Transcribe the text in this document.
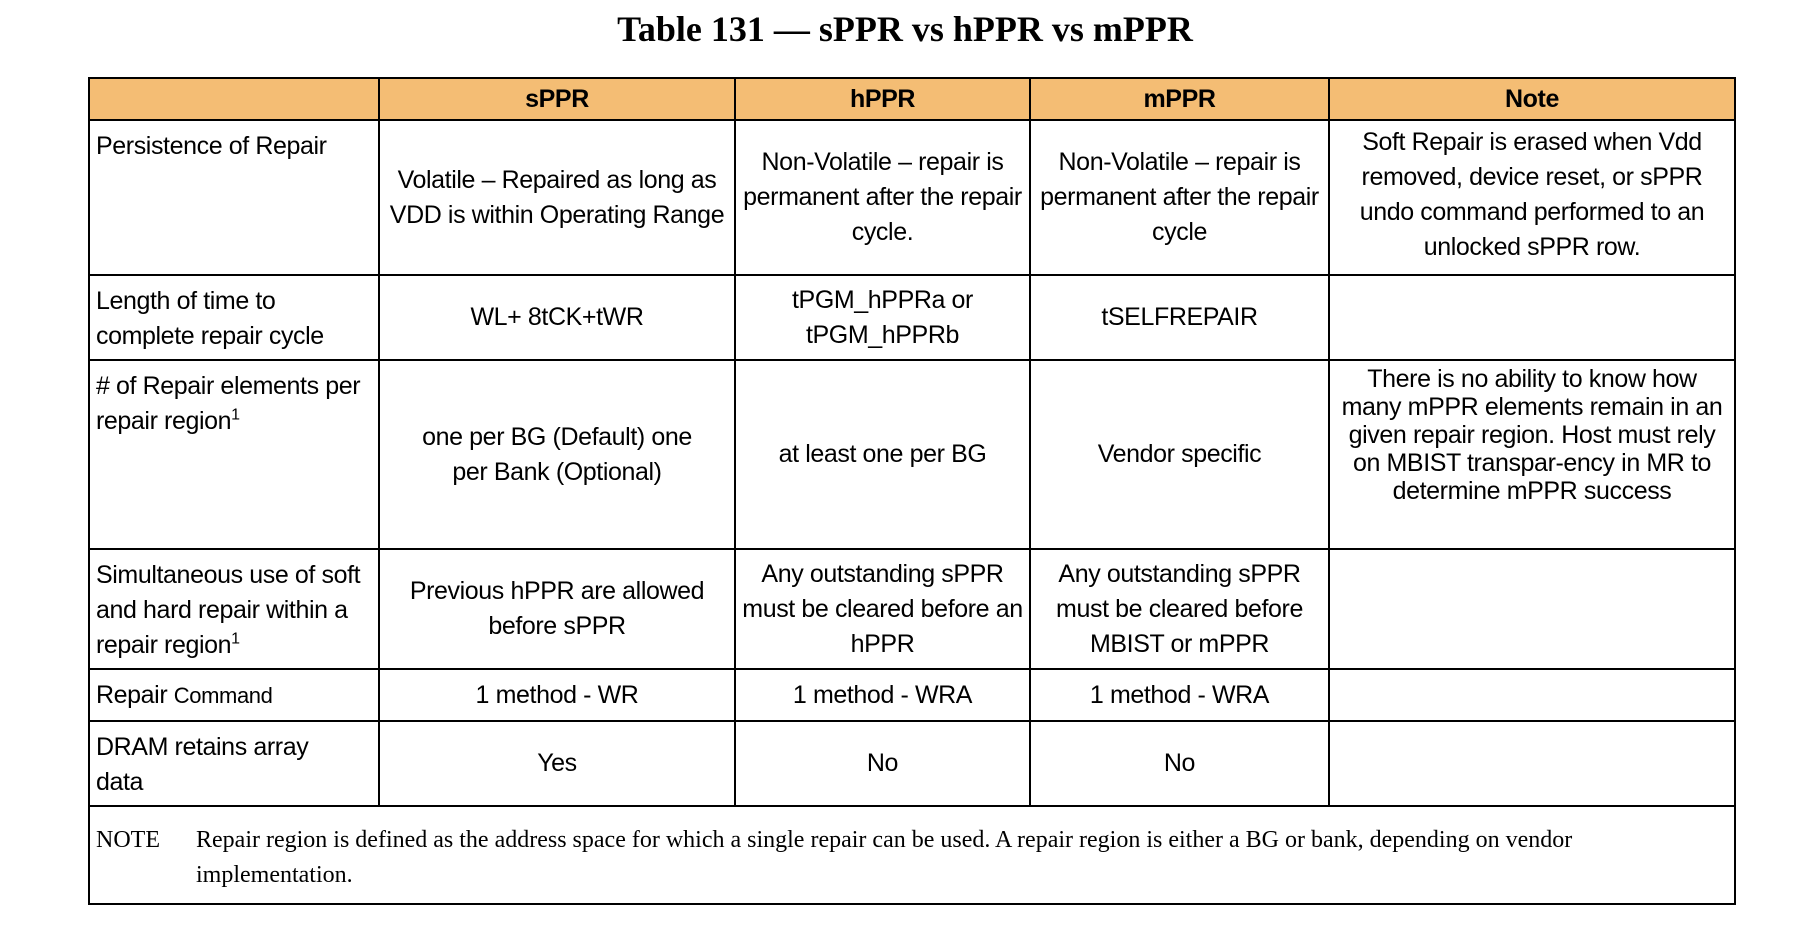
Table 131 — sPPR vs hPPR vs mPPR
	sPPR	hPPR	mPPR	Note
Persistence of Repair	Volatile – Repaired as long as VDD is within Operating Range	Non-Volatile – repair is permanent after the repair cycle.	Non-Volatile – repair is permanent after the repair cycle	Soft Repair is erased when Vdd removed, device reset, or sPPR undo command performed to an unlocked sPPR row.
Length of time to complete repair cycle	WL+ 8tCK+tWR	tPGM_hPPRa or tPGM_hPPRb	tSELFREPAIR	
# of Repair elements per repair region$^1$	one per BG (Default) one per Bank (Optional)	at least one per BG	Vendor specific	There is no ability to know how many mPPR elements remain in an given repair region. Host must rely on MBIST transpar-ency in MR to determine mPPR success
Simultaneous use of soft and hard repair within a repair region$^1$	Previous hPPR are allowed before sPPR	Any outstanding sPPR must be cleared before an hPPR	Any outstanding sPPR must be cleared before MBIST or mPPR	
Repair Command	1 method - WR	1 method - WRA	1 method - WRA	
DRAM retains array data	Yes	No	No	
NOTE Repair region is defined as the address space for which a single repair can be used. A repair region is either a BG or bank, depending on vendor implementation.				
